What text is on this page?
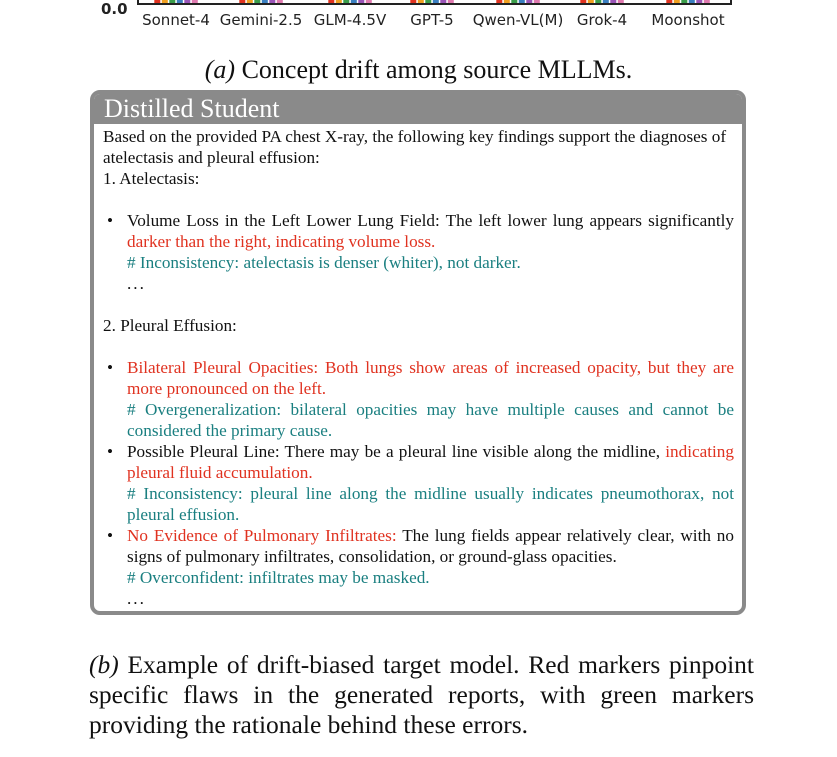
0.0
Sonnet-4 Gemini-2.5 GLM-4.5V GPT-5 Qwen-VL(M) Grok-4 Moonshot
(a) Concept drift among source MLLMs.
Distilled Student

Based on the provided PA chest X-ray, the following key findings support the diagnoses of atelectasis and pleural effusion:

1. Atelectasis:

• Volume Loss in the Left Lower Lung Field: The left lower lung appears significantly darker than the right, indicating volume loss.
# Inconsistency: atelectasis is denser (whiter), not darker.
...

2. Pleural Effusion:

• Bilateral Pleural Opacities: Both lungs show areas of increased opacity, but they are more pronounced on the left.
# Overgeneralization: bilateral opacities may have multiple causes and cannot be considered the primary cause.
• Possible Pleural Line: There may be a pleural line visible along the midline, indicating pleural fluid accumulation.
# Inconsistency: pleural line along the midline usually indicates pneumothorax, not pleural effusion.
• No Evidence of Pulmonary Infiltrates: The lung fields appear relatively clear, with no signs of pulmonary infiltrates, consolidation, or ground-glass opacities.
# Overconfident: infiltrates may be masked.
...
(b) Example of drift-biased target model. Red markers pinpoint specific flaws in the generated reports, with green markers providing the rationale behind these errors.
